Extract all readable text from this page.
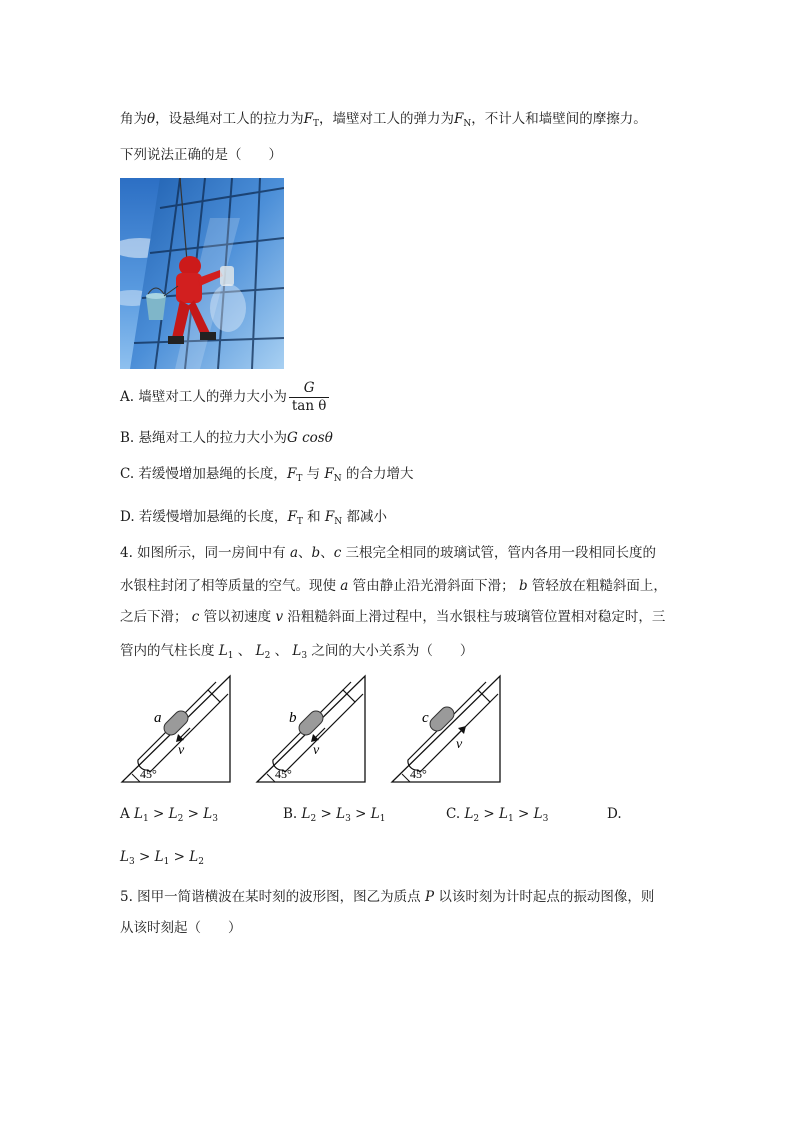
角为θ，设悬绳对工人的拉力为$F_T$，墙壁对工人的弹力为$F_N$，不计人和墙壁间的摩擦力。
下列说法正确的是（　　）
A. 墙壁对工人的弹力大小为 $\frac{G}{\text{tan θ}}$
B. 悬绳对工人的拉力大小为G cosθ
C. 若缓慢增加悬绳的长度，$F_T$ 与 $F_N$ 的合力增大
D. 若缓慢增加悬绳的长度，$F_T$ 和 $F_N$ 都减小
4. 如图所示，同一房间中有 a、b、c 三根完全相同的玻璃试管，管内各用一段相同长度的
水银柱封闭了相等质量的空气。现使 a 管由静止沿光滑斜面下滑； b 管轻放在粗糙斜面上，
之后下滑； c 管以初速度 v 沿粗糙斜面上滑过程中，当水银柱与玻璃管位置相对稳定时，三
管内的气柱长度 $L_1$ 、 $L_2$ 、 $L_3$ 之间的大小关系为（　　）
a
v
45°
b
v
45°
c
v
45°
A $L_1 > L_2 > L_3$	B. $L_2 > L_3 > L_1$	C. $L_2 > L_1 > L_3$	D.
$L_3 > L_1 > L_2$
5. 图甲一简谐横波在某时刻的波形图，图乙为质点 P 以该时刻为计时起点的振动图像，则
从该时刻起（　　）
